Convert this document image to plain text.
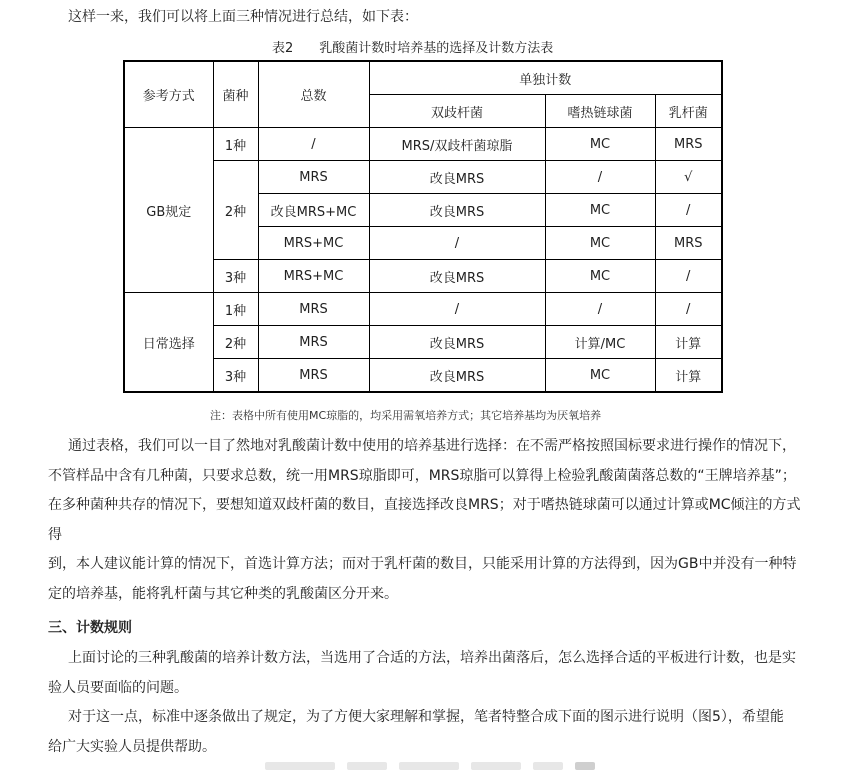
这样一来，我们可以将上面三种情况进行总结，如下表：
表2 乳酸菌计数时培养基的选择及计数方法表
参考方式	菌种	总数	单独计数		
			双歧杆菌	嗜热链球菌	乳杆菌
GB规定	1种	/	MRS/双歧杆菌琼脂	MC	MRS
	2种	MRS	改良MRS	/	√
		改良MRS+MC	改良MRS	MC	/
		MRS+MC	/	MC	MRS
	3种	MRS+MC	改良MRS	MC	/
日常选择	1种	MRS	/	/	/
	2种	MRS	改良MRS	计算/MC	计算
	3种	MRS	改良MRS	MC	计算
注：表格中所有使用MC琼脂的，均采用需氧培养方式；其它培养基均为厌氧培养
通过表格，我们可以一目了然地对乳酸菌计数中使用的培养基进行选择：在不需严格按照国标要求进行操作的情况下，
不管样品中含有几种菌，只要求总数，统一用MRS琼脂即可，MRS琼脂可以算得上检验乳酸菌菌落总数的“王牌培养基”；
在多种菌种共存的情况下，要想知道双歧杆菌的数目，直接选择改良MRS；对于嗜热链球菌可以通过计算或MC倾注的方式得
到，本人建议能计算的情况下，首选计算方法；而对于乳杆菌的数目，只能采用计算的方法得到，因为GB中并没有一种特
定的培养基，能将乳杆菌与其它种类的乳酸菌区分开来。
三、计数规则
上面讨论的三种乳酸菌的培养计数方法，当选用了合适的方法，培养出菌落后，怎么选择合适的平板进行计数，也是实
验人员要面临的问题。
对于这一点，标准中逐条做出了规定，为了方便大家理解和掌握，笔者特整合成下面的图示进行说明（图5），希望能
给广大实验人员提供帮助。
